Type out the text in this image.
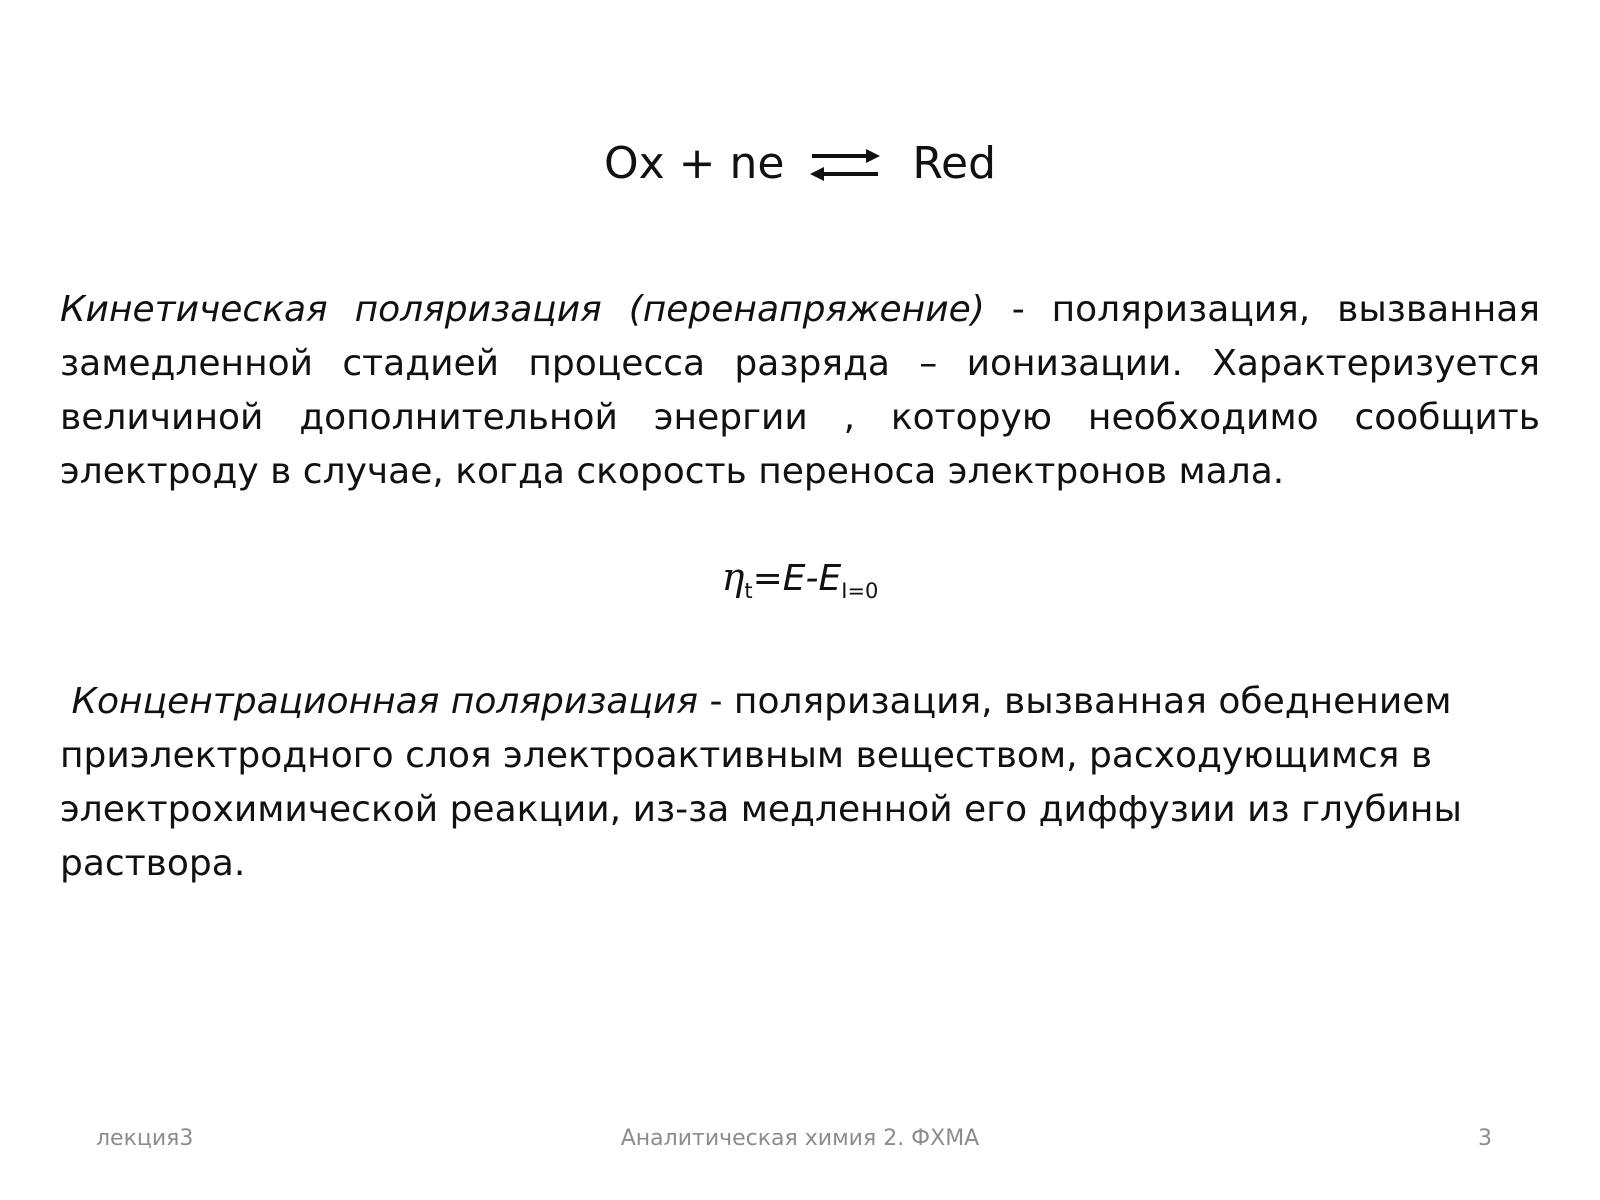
Ox + ne ⇌ Red

Кинетическая поляризация (перенапряжение) - поляризация, вызванная замедленной стадией процесса разряда – ионизации. Характеризуется величиной дополнительной энергии , которую необходимо сообщить электроду в случае, когда скорость переноса электронов мала.

$\eta_t=E-E_{I=0}$

Концентрационная поляризация - поляризация, вызванная обеднением приэлектродного слоя электроактивным веществом, расходующимся в электрохимической реакции, из-за медленной его диффузии из глубины раствора.

лекция3	Аналитическая химия 2. ФХМА	3
